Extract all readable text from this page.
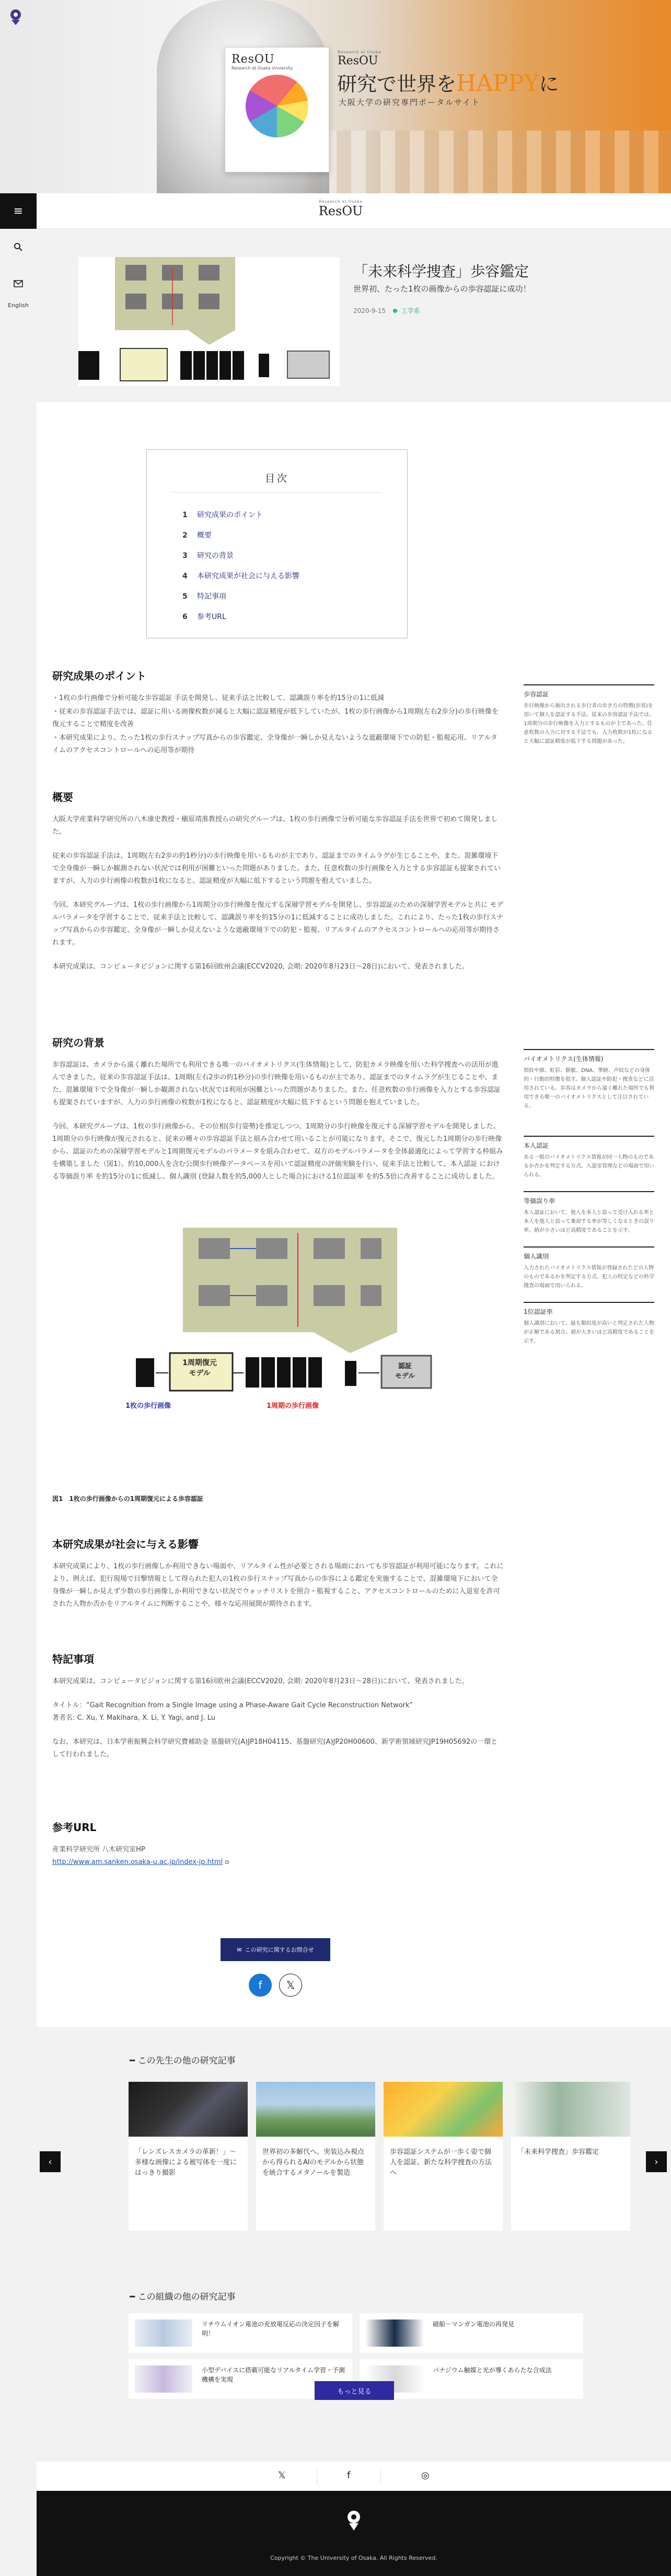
ResOU
Research at Osaka University
Research at Osaka
ResOU
研究で世界をHAPPYに
大阪大学の研究専門ポータルサイト
≡
Research at Osaka
ResOU
English
「未来科学捜査」歩容鑑定
世界初、たった1枚の画像からの歩容認証に成功！
2020-9-15 工学系
目次
1 研究成果のポイント
2 概要
3 研究の背景
4 本研究成果が社会に与える影響
5 特記事項
6 参考URL
研究成果のポイント

・1枚の歩行画像で分析可能な歩容認証 手法を開発し、従来手法と比較して、認識誤り率を約15分の1に低減

・従来の歩容認証手法では、認証に用いる画像枚数が減ると大幅に認証精度が低下していたが、1枚の歩行画像から1周期(左右2歩分)の歩行映像を復元することで精度を改善

・本研究成果により、たった1枚の歩行スナップ写真からの歩容鑑定、全身像が一瞬しか見えないような遮蔽環境下での防犯・監視応用、リアルタイムのアクセスコントロールへの応用等が期待

概要

大阪大学産業科学研究所の八木康史教授・槇原靖准教授らの研究グループは、1枚の歩行画像で分析可能な歩容認証手法を世界で初めて開発しました。

従来の歩容認証手法は、1周期(左右2歩の約1秒分)の歩行映像を用いるものが主であり、認証までのタイムラグが生じることや、また、混雑環境下で全身像が一瞬しか観測されない状況では利用が困難といった問題がありました。また、任意枚数の歩行画像を入力とする歩容認証も提案されていますが、入力の歩行画像の枚数が1枚になると、認証精度が大幅に低下するという問題を抱えていました。

今回、本研究グループは、1枚の歩行画像から1周期分の歩行映像を復元する深層学習モデルを開発し、歩容認証のための深層学習モデルと共に モデルパラメータを学習することで、従来手法と比較して、認識誤り率を約15分の1に低減することに成功しました。これにより、たった1枚の歩行スナップ写真からの歩容鑑定、全身像が一瞬しか見えないような遮蔽環境下での防犯・監視、リアルタイムのアクセスコントロールへの応用等が期待されます。

本研究成果は、コンピュータビジョンに関する第16回欧州会議(ECCV2020, 会期: 2020年8月23日～28日)において、発表されました。

研究の背景

歩容認証は、カメラから遠く離れた場所でも利用できる唯一のバイオメトリクス(生体情報)として、防犯カメラ映像を用いた科学捜査への活用が進んできました。従来の歩容認証手法は、1周期(左右2歩の約1秒分)の歩行映像を用いるものが主であり、認証までのタイムラグが生じることや、また、混雑環境下で全身像が一瞬しか観測されない状況では利用が困難といった問題がありました。また、任意枚数の歩行画像を入力とする歩容認証も提案されていますが、入力の歩行画像の枚数が1枚になると、認証精度が大幅に低下するという問題を抱えていました。

今回、本研究グループは、1枚の歩行画像から、その位相(歩行姿勢)を推定しつつ、1周期分の歩行映像を復元する深層学習モデルを開発しました。1周期分の歩行映像が復元されると、従来の種々の歩容認証手法と組み合わせて用いることが可能になります。そこで、復元した1周期分の歩行映像から、認証のための深層学習モデルと1周期復元モデルのパラメータを組み合わせて、双方のモデルパラメータを全体最適化によって学習する枠組みを構築しました（図1）。約10,000人を含む公開歩行映像データベースを用いて認証精度の評価実験を行い、従来手法と比較して、本人認証 における等価誤り率 を約15分の1に低減し、個人識別 (登録人数を約5,000人とした場合)における1位認証率 を約5.5倍に改善することに成功しました。

1周期復元
モデル
認証
モデル
1枚の歩行画像	1周期の歩行画像
図1　1枚の歩行画像からの1周期復元による歩容認証
本研究成果が社会に与える影響

本研究成果により、1枚の歩行画像しか利用できない場面や、リアルタイム性が必要とされる場面においても歩容認証が利用可能になります。これにより、例えば、犯行現場で目撃情報として得られた犯人の1枚の歩行スナップ写真からの歩容による鑑定を実施することで、混雑環境下において全身像が一瞬しか見えず少数の歩行画像しか利用できない状況でウォッチリストを照合・監視すること、アクセスコントロールのために入退室を許可された人物か否かをリアルタイムに判断することや、様々な応用展開が期待されます。

特記事項

本研究成果は、コンピュータビジョンに関する第16回欧州会議(ECCV2020, 会期: 2020年8月23日～28日)において、発表されました。

タイトル：“Gait Recognition from a Single Image using a Phase-Aware Gait Cycle Reconstruction Network”
著者名: C. Xu, Y. Makihara, X. Li, Y. Yagi, and J. Lu

なお、本研究は、日本学術振興会科学研究費補助金 基盤研究(A)JP18H04115、基盤研究(A)JP20H00600、新学術領域研究JP19H05692の一環として行われました。

参考URL

産業科学研究所 八木研究室HP

http://www.am.sanken.osaka-u.ac.jp/index-jp.html ⧉

歩容認証

歩行映像から抽出される歩行者の歩き方の特徴(歩容)を用いて個人を認証する手法。従来の歩容認証手法では、1周期分の歩行映像を入力とするものが主であった。任意枚数の入力に対する手法でも、入力枚数が1枚になると大幅に認証精度が低下する問題があった。

バイオメトリクス(生体情報)

指紋や顔、虹彩、静脈、DNA、筆跡、声紋などの身体的・行動的特徴を指す。個人認証や防犯・捜査などに活用されている。歩容はカメラから遠く離れた場所でも利用できる唯一のバイオメトリクスとして注目されている。

本人認証

ある一組のバイオメトリクス情報が同一人物のものであるか否かを判定する方式。入退室管理などの場面で用いられる。

等価誤り率

本人認証において、他人を本人と誤って受け入れる率と本人を他人と誤って棄却する率が等しくなるときの誤り率。値が小さいほど高精度であることを示す。

個人識別

入力されたバイオメトリクス情報が登録されたどの人物のものであるかを判定する方式。犯人の特定などの科学捜査の場面で用いられる。

1位認証率

個人識別において、最も類似度が高いと判定された人物が正解である割合。値が大きいほど高精度であることを示す。

✉ この研究に関するお問合せ
f 𝕏
━ この先生の他の研究記事
‹	›
「レンズレスカメラの革新！」～多様な画像による被写体を一度にはっきり撮影
世界初の多解代へ、実装込み視点から得られるAIのモデルから状態を統合するメタノールを製造
歩容認証システムが一歩く姿で個人を認証、新たな科学捜査の方法へ
「未来科学捜査」歩容鑑定
━ この組織の他の研究記事
リチウムイオン電池の充放電反応の決定因子を解明！
磁船－マンガン電池の再発見
小型デバイスに搭載可能なリアルタイム学習・予測機構を実現
パナジウム触媒と光が導くあらたな合成法
もっと見る
𝕏	f	◎
Copyright © The University of Osaka. All Rights Reserved.
